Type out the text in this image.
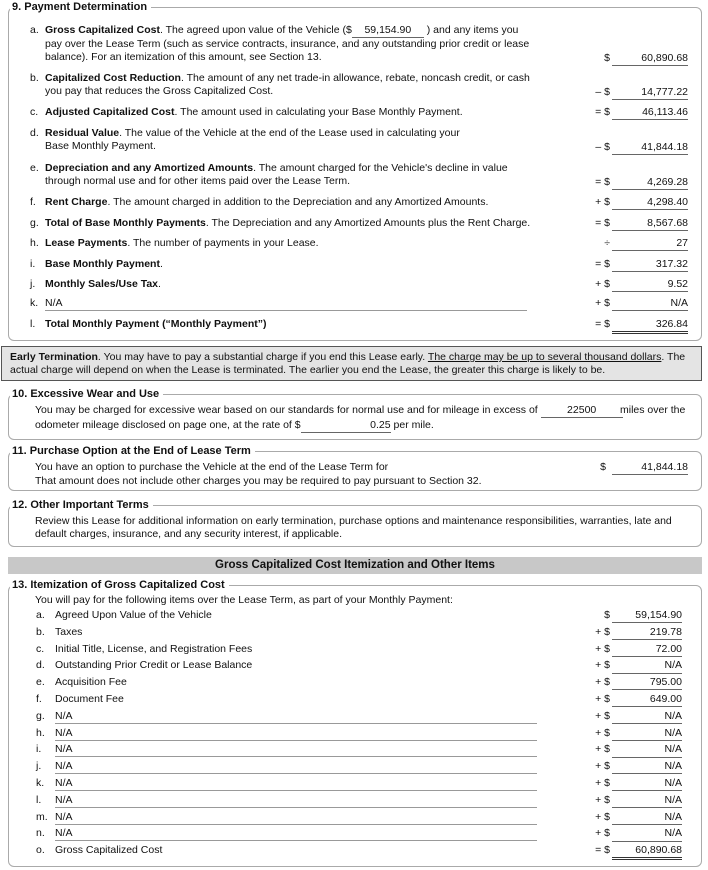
9. Payment Determination
a. Gross Capitalized Cost. The agreed upon value of the Vehicle ($ 59,154.90 ) and any items you pay over the Lease Term (such as service contracts, insurance, and any outstanding prior credit or lease balance). For an itemization of this amount, see Section 13.	$	60,890.68
b. Capitalized Cost Reduction. The amount of any net trade-in allowance, rebate, noncash credit, or cash you pay that reduces the Gross Capitalized Cost.	– $	14,777.22
c. Adjusted Capitalized Cost. The amount used in calculating your Base Monthly Payment.	= $	46,113.46
d. Residual Value. The value of the Vehicle at the end of the Lease used in calculating your Base Monthly Payment.	– $	41,844.18
e. Depreciation and any Amortized Amounts. The amount charged for the Vehicle's decline in value through normal use and for other items paid over the Lease Term.	= $	4,269.28
f. Rent Charge. The amount charged in addition to the Depreciation and any Amortized Amounts.	+ $	4,298.40
g. Total of Base Monthly Payments. The Depreciation and any Amortized Amounts plus the Rent Charge.	= $	8,567.68
h. Lease Payments. The number of payments in your Lease.	÷	27
i. Base Monthly Payment.	= $	317.32
j. Monthly Sales/Use Tax.	+ $	9.52
k. N/A	+ $	N/A
l. Total Monthly Payment (“Monthly Payment”)	= $	326.84
Early Termination. You may have to pay a substantial charge if you end this Lease early. The charge may be up to several thousand dollars. The actual charge will depend on when the Lease is terminated. The earlier you end the Lease, the greater this charge is likely to be.
10. Excessive Wear and Use
You may be charged for excessive wear based on our standards for normal use and for mileage in excess of	22500 miles over the
odometer mileage disclosed on page one, at the rate of $	0.25 per mile.
11. Purchase Option at the End of Lease Term
You have an option to purchase the Vehicle at the end of the Lease Term for	$	41,844.18
That amount does not include other charges you may be required to pay pursuant to Section 32.
12. Other Important Terms
Review this Lease for additional information on early termination, purchase options and maintenance responsibilities, warranties, late and default charges, insurance, and any security interest, if applicable.
Gross Capitalized Cost Itemization and Other Items
13. Itemization of Gross Capitalized Cost
You will pay for the following items over the Lease Term, as part of your Monthly Payment:
a. Agreed Upon Value of the Vehicle	$	59,154.90
b. Taxes	+ $	219.78
c.	Initial Title, License, and Registration Fees	+ $	72.00
d. Outstanding Prior Credit or Lease Balance	+ $	N/A
e. Acquisition Fee	+ $	795.00
f.	Document Fee	+ $	649.00
g. N/A	+ $	N/A
h. N/A	+ $	N/A
i.	N/A	+ $	N/A
j.	N/A	+ $	N/A
k.	N/A	+ $	N/A
l.	N/A	+ $	N/A
m. N/A	+ $	N/A
n. N/A	+ $	N/A
o. Gross Capitalized Cost	= $	60,890.68
